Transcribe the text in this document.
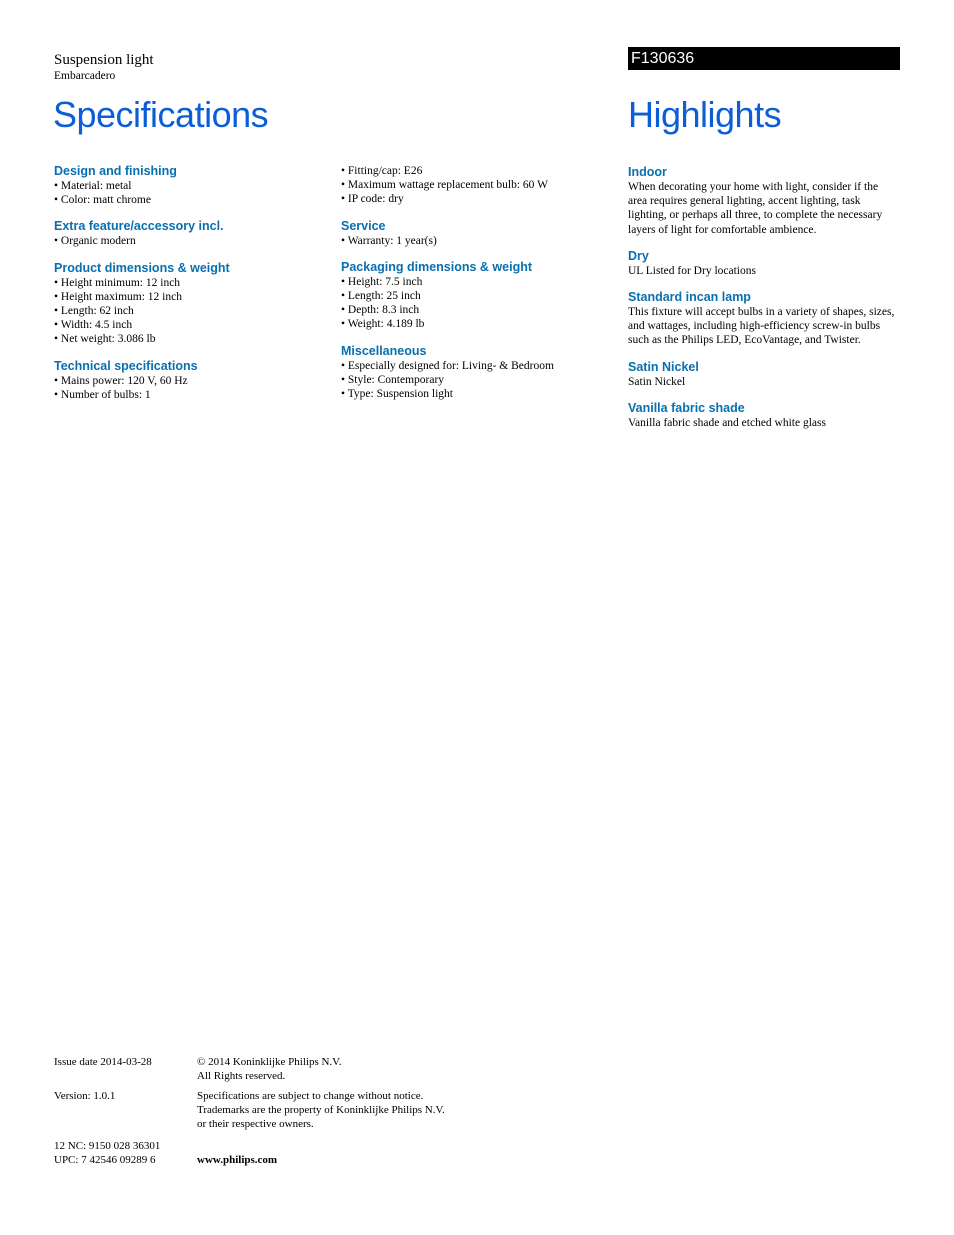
Suspension light
Embarcadero
F130636
Specifications	Highlights
Design and finishing
• Material: metal
• Color: matt chrome
Extra feature/accessory incl.
• Organic modern
Product dimensions & weight
• Height minimum: 12 inch
• Height maximum: 12 inch
• Length: 62 inch
• Width: 4.5 inch
• Net weight: 3.086 lb
Technical specifications
• Mains power: 120 V, 60 Hz
• Number of bulbs: 1
• Fitting/cap: E26
• Maximum wattage replacement bulb: 60 W
• IP code: dry
Service
• Warranty: 1 year(s)
Packaging dimensions & weight
• Height: 7.5 inch
• Length: 25 inch
• Depth: 8.3 inch
• Weight: 4.189 lb
Miscellaneous
• Especially designed for: Living- & Bedroom
• Style: Contemporary
• Type: Suspension light
Indoor
When decorating your home with light, consider if the area requires general lighting, accent lighting, task lighting, or perhaps all three, to complete the necessary layers of light for comfortable ambience.
Dry
UL Listed for Dry locations
Standard incan lamp
This fixture will accept bulbs in a variety of shapes, sizes, and wattages, including high-efficiency screw-in bulbs such as the Philips LED, EcoVantage, and Twister.
Satin Nickel
Satin Nickel
Vanilla fabric shade
Vanilla fabric shade and etched white glass
Issue date 2014-03-28	© 2014 Koninklijke Philips N.V.
All Rights reserved.
Version: 1.0.1	Specifications are subject to change without notice.
Trademarks are the property of Koninklijke Philips N.V.
or their respective owners.
12 NC: 9150 028 36301
UPC: 7 42546 09289 6	www.philips.com
